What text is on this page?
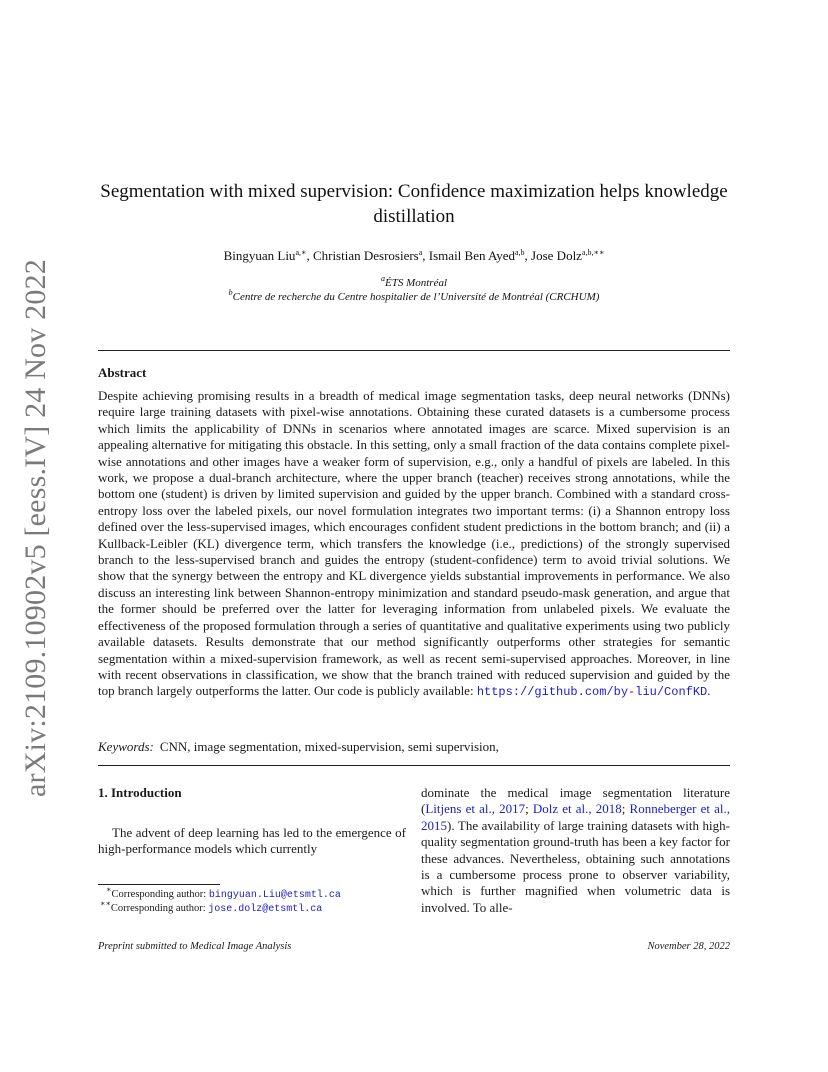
arXiv:2109.10902v5 [eess.IV] 24 Nov 2022
Segmentation with mixed supervision: Confidence maximization helps knowledge distillation
Bingyuan Liu$^{a,∗}$, Christian Desrosiers$^a$, Ismail Ben Ayed$^{a,b}$, Jose Dolz$^{a,b,∗∗}$
$^a$ÉTS Montréal
$^b$Centre de recherche du Centre hospitalier de l’Université de Montréal (CRCHUM)
Abstract

Despite achieving promising results in a breadth of medical image segmentation tasks, deep neural networks (DNNs) require large training datasets with pixel-wise annotations. Obtaining these curated datasets is a cumbersome process which limits the applicability of DNNs in scenarios where annotated images are scarce. Mixed supervision is an appealing alternative for mitigating this obstacle. In this setting, only a small fraction of the data contains complete pixel-wise annotations and other images have a weaker form of supervision, e.g., only a handful of pixels are labeled. In this work, we propose a dual-branch architecture, where the upper branch (teacher) receives strong annotations, while the bottom one (student) is driven by limited supervision and guided by the upper branch. Combined with a standard cross-entropy loss over the labeled pixels, our novel formulation integrates two important terms: (i) a Shannon entropy loss defined over the less-supervised images, which encourages confident student predictions in the bottom branch; and (ii) a Kullback-Leibler (KL) divergence term, which transfers the knowledge (i.e., predictions) of the strongly supervised branch to the less-supervised branch and guides the entropy (student-confidence) term to avoid trivial solutions. We show that the synergy between the entropy and KL divergence yields substantial improvements in performance. We also discuss an interesting link between Shannon-entropy minimization and standard pseudo-mask generation, and argue that the former should be preferred over the latter for leveraging information from unlabeled pixels. We evaluate the effectiveness of the proposed formulation through a series of quantitative and qualitative experiments using two publicly available datasets. Results demonstrate that our method significantly outperforms other strategies for semantic segmentation within a mixed-supervision framework, as well as recent semi-supervised approaches. Moreover, in line with recent observations in classification, we show that the branch trained with reduced supervision and guided by the top branch largely outperforms the latter. Our code is publicly available: https://github.com/by-liu/ConfKD.

Keywords: CNN, image segmentation, mixed-supervision, semi supervision,
1. Introduction

The advent of deep learning has led to the emergence of high-performance models which currently

dominate the medical image segmentation literature (Litjens et al., 2017; Dolz et al., 2018; Ronneberger et al., 2015). The availability of large training datasets with high-quality segmentation ground-truth has been a key factor for these advances. Nevertheless, obtaining such annotations is a cumbersome process prone to observer variability, which is further magnified when volumetric data is involved. To alle-

∗Corresponding author: bingyuan.Liu@etsmtl.ca
∗∗Corresponding author: jose.dolz@etsmtl.ca
Preprint submitted to Medical Image Analysis	November 28, 2022
